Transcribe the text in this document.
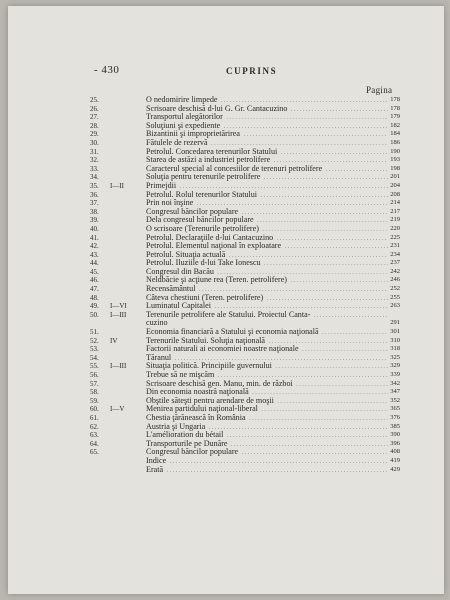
- 430	CUPRINS
Pagina
25.	O nedomirire limpede . . .	178
26.	Scrisoare deschisă d-lui G. Gr. Cantacuzino . . .	178
27.	Transportul alegătorilor . . .	179
28.	Soluţiuni şi expediente . . .	182
29.	Bizantinii şi improprietărirea . . .	184
30.	Fătulele de rezervă . . .	186
31.	Petrolul. Concedarea terenurilor Statului . . .	190
32.	Starea de astăzi a industriei petrolifere . . .	193
33.	Caracterul special al concesiilor de terenuri petrolifere . . .	198
34.	Soluţia pentru terenurile petrolifere . . .	201
35.	I—II	Primejdii . . .	204
36.	Petrolul. Rolul terenurilor Statului . . .	208
37.	Prin noi înşine . . .	214
38.	Congresul băncilor populare . . .	217
39.	Dela congresul băncilor populare . . .	219
40.	O scrisoare (Terenurile petrolifere) . . .	220
41.	Petrolul. Declaraţiile d-lui Cantacuzino . . .	225
42.	Petrolul. Elementul naţional în exploatare . . .	231
43.	Petrolul. Situaţia actuală . . .	234
44.	Petrolul. Iluziile d-lui Take Ionescu . . .	237
45.	Congresul din Bacău . . .	242
46.	Neldbăcie şi acţiune rea (Teren. petrolifere) . . .	246
47.	Recensământul . . .	252
48.	Câteva chestiuni (Teren. petrolifere) . . .	255
49.	I—VI	Luminatul Capitalei . . .	263
50.	I—III	Terenurile petrolifere ale Statului. Proiectul Canta- . . .
cuzino	291
51.	Economia financiară a Statului şi economia naţională . . .	301
52.	IV	Terenurile Statului. Soluţia naţională . . .	310
53.	Factorii naturali ai economiei noastre naţionale . . .	318
54.	Tăranul . . .	325
55.	I—III	Situaţia politică. Principiile guvernului . . .	329
56.	Trebue să ne mişcăm . . .	339
57.	Scrisoare deschisă gen. Manu, min. de război . . .	342
58.	Din economia noastră naţională . . .	347
59.	Obştile săteşti pentru arendare de moşii . . .	352
60.	I—V	Menirea partidului naţional-liberal . . .	365
61.	Chestia ţărănească în România . . .	376
62.	Austria şi Ungaria . . .	385
63.	L'amélioration du bétail . . .	390
64.	Transporturile pe Dunăre . . .	396
65.	Congresul băncilor populare . . .	408
Indice . . .	419
Erată . . .	429
